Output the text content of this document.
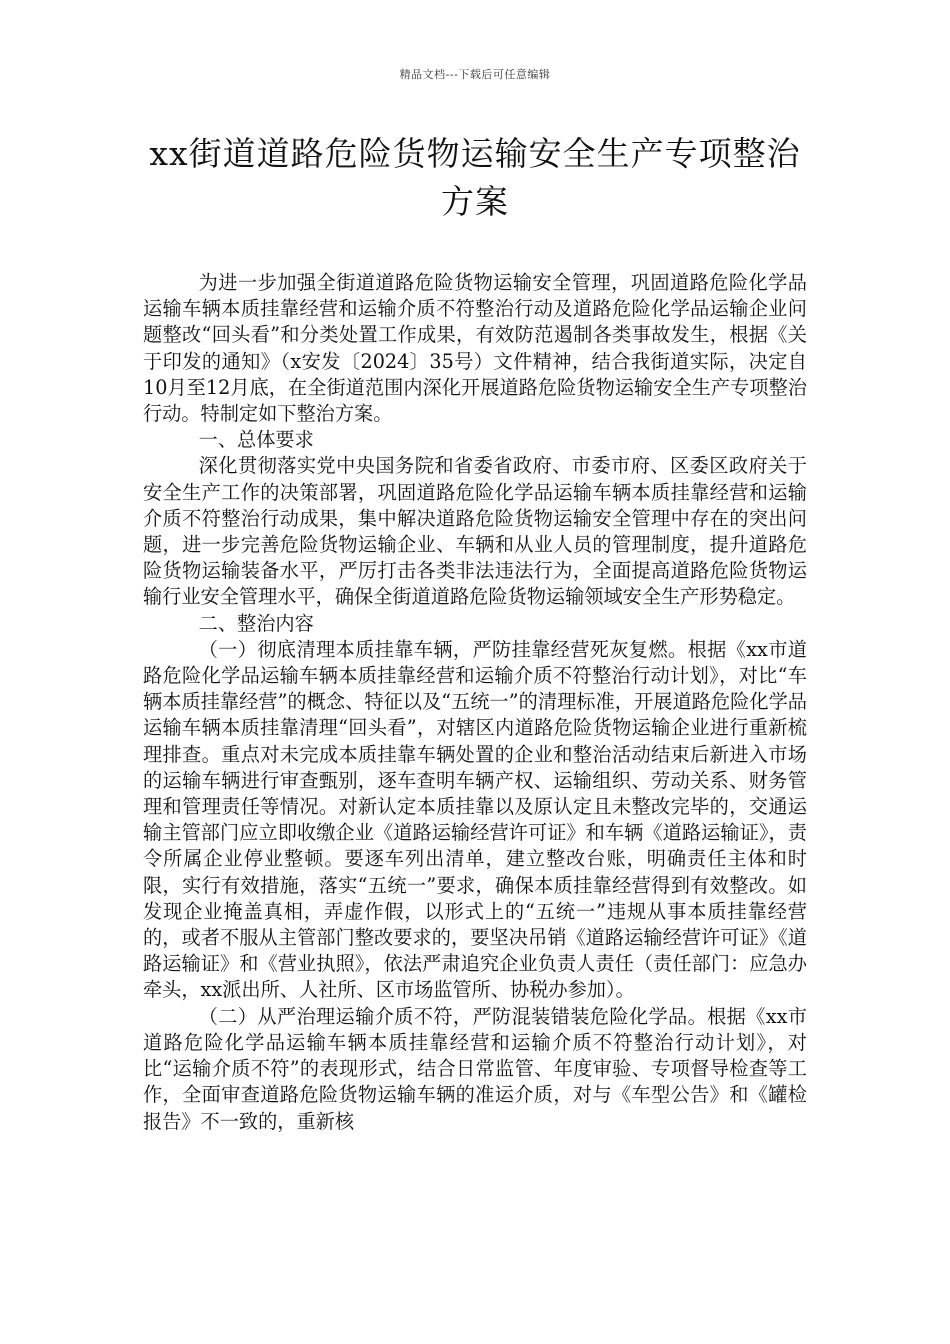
精品文档---下载后可任意编辑
xx街道道路危险货物运输安全生产专项整治方案

为进一步加强全街道道路危险货物运输安全管理，巩固道路危险化学品运输车辆本质挂靠经营和运输介质不符整治行动及道路危险化学品运输企业问题整改“回头看”和分类处置工作成果，有效防范遏制各类事故发生，根据《关于印发的通知》（x安发〔2024〕35号）文件精神，结合我街道实际，决定自10月至12月底，在全街道范围内深化开展道路危险货物运输安全生产专项整治行动。特制定如下整治方案。

一、总体要求

深化贯彻落实党中央国务院和省委省政府、市委市府、区委区政府关于安全生产工作的决策部署，巩固道路危险化学品运输车辆本质挂靠经营和运输介质不符整治行动成果，集中解决道路危险货物运输安全管理中存在的突出问题，进一步完善危险货物运输企业、车辆和从业人员的管理制度，提升道路危险货物运输装备水平，严厉打击各类非法违法行为，全面提高道路危险货物运输行业安全管理水平，确保全街道道路危险货物运输领域安全生产形势稳定。

二、整治内容

（一）彻底清理本质挂靠车辆，严防挂靠经营死灰复燃。根据《xx市道路危险化学品运输车辆本质挂靠经营和运输介质不符整治行动计划》，对比“车辆本质挂靠经营”的概念、特征以及“五统一”的清理标准，开展道路危险化学品运输车辆本质挂靠清理“回头看”，对辖区内道路危险货物运输企业进行重新梳理排查。重点对未完成本质挂靠车辆处置的企业和整治活动结束后新进入市场的运输车辆进行审查甄别，逐车查明车辆产权、运输组织、劳动关系、财务管理和管理责任等情况。对新认定本质挂靠以及原认定且未整改完毕的，交通运输主管部门应立即收缴企业《道路运输经营许可证》和车辆《道路运输证》，责令所属企业停业整顿。要逐车列出清单，建立整改台账，明确责任主体和时限，实行有效措施，落实“五统一”要求，确保本质挂靠经营得到有效整改。如发现企业掩盖真相，弄虚作假，以形式上的“五统一”违规从事本质挂靠经营的，或者不服从主管部门整改要求的，要坚决吊销《道路运输经营许可证》《道路运输证》和《营业执照》，依法严肃追究企业负责人责任（责任部门：应急办牵头，xx派出所、人社所、区市场监管所、协税办参加）。

（二）从严治理运输介质不符，严防混装错装危险化学品。根据《xx市道路危险化学品运输车辆本质挂靠经营和运输介质不符整治行动计划》，对比“运输介质不符”的表现形式，结合日常监管、年度审验、专项督导检查等工作，全面审查道路危险货物运输车辆的准运介质，对与《车型公告》和《罐检报告》不一致的，重新核
